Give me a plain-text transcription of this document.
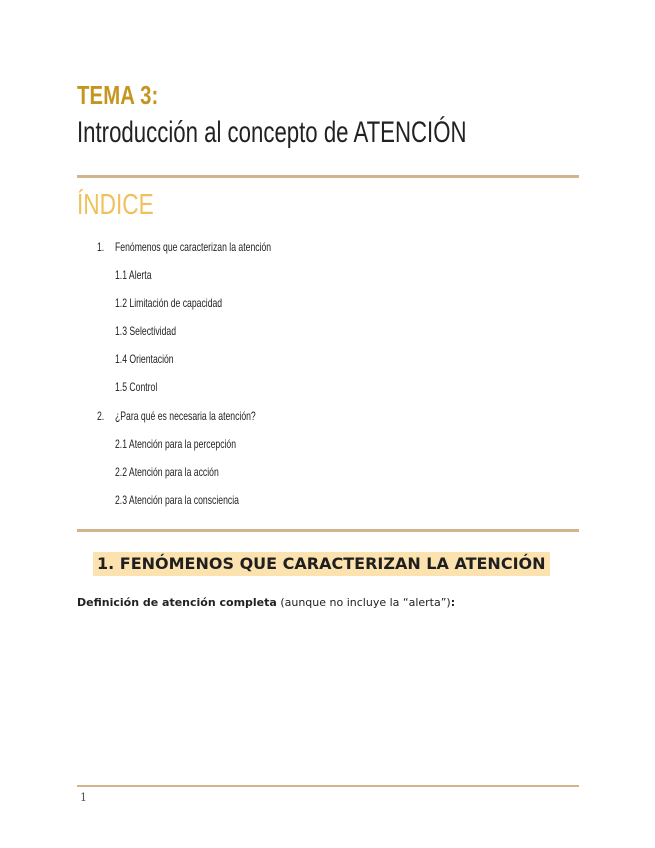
TEMA 3:
Introducción al concepto de ATENCIÓN
ÍNDICE
1. Fenómenos que caracterizan la atención
1.1 Alerta
1.2 Limitación de capacidad
1.3 Selectividad
1.4 Orientación
1.5 Control
2. ¿Para qué es necesaria la atención?
2.1 Atención para la percepción
2.2 Atención para la acción
2.3 Atención para la consciencia
1. FENÓMENOS QUE CARACTERIZAN LA ATENCIÓN
Definición de atención completa (aunque no incluye la “alerta”):
1
